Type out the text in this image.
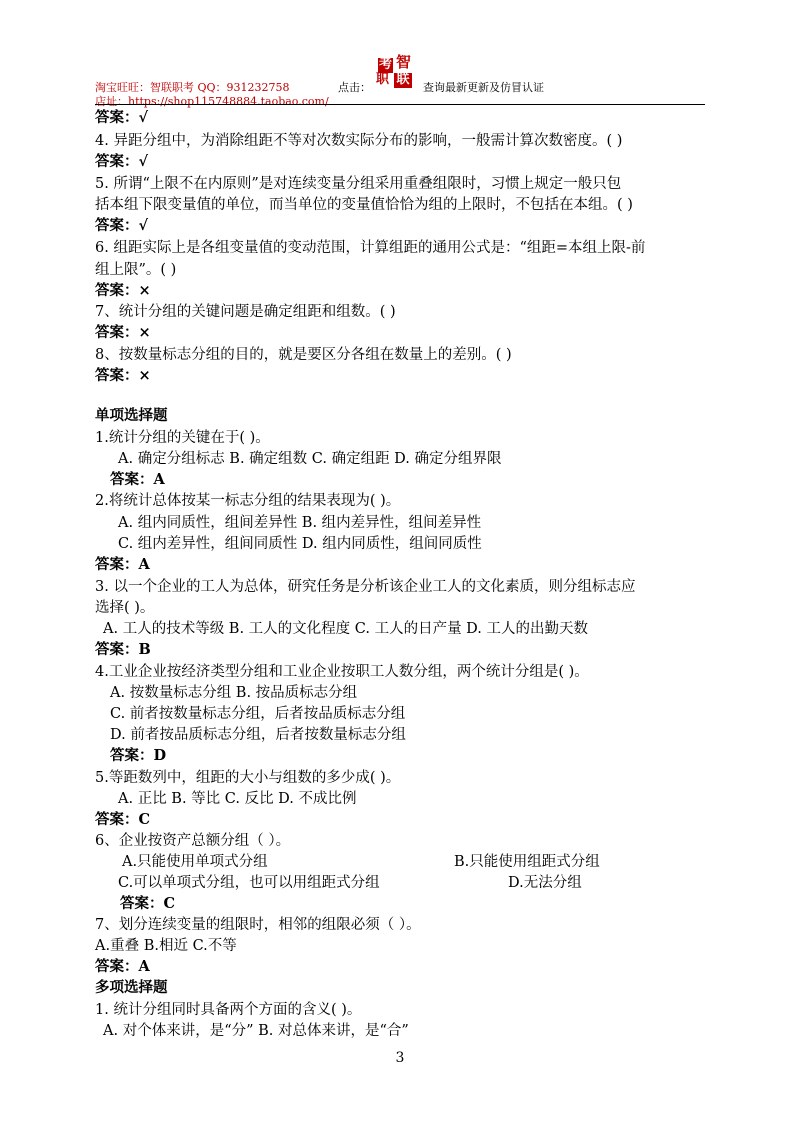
淘宝旺旺：智联职考 QQ：931232758
店址：https://shop115748884.taobao.com/
点击：
考 智
职 联
查询最新更新及仿冒认证
答案：√
4. 异距分组中，为消除组距不等对次数实际分布的影响，一般需计算次数密度。( )
答案：√
5. 所谓“上限不在内原则”是对连续变量分组采用重叠组限时，习惯上规定一般只包
括本组下限变量值的单位，而当单位的变量值恰恰为组的上限时，不包括在本组。( )
答案：√
6. 组距实际上是各组变量值的变动范围，计算组距的通用公式是：“组距=本组上限-前
组上限”。( )
答案：×
7、统计分组的关键问题是确定组距和组数。( )
答案：×
8、按数量标志分组的目的，就是要区分各组在数量上的差别。( )
答案：×
单项选择题
1.统计分组的关键在于( )。
A. 确定分组标志 B. 确定组数 C. 确定组距 D. 确定分组界限
答案：A
2.将统计总体按某一标志分组的结果表现为( )。
A. 组内同质性，组间差异性 B. 组内差异性，组间差异性
C. 组内差异性，组间同质性 D. 组内同质性，组间同质性
答案：A
3. 以一个企业的工人为总体，研究任务是分析该企业工人的文化素质，则分组标志应
选择( )。
A. 工人的技术等级 B. 工人的文化程度 C. 工人的日产量 D. 工人的出勤天数
答案：B
4.工业企业按经济类型分组和工业企业按职工人数分组，两个统计分组是( )。
A. 按数量标志分组 B. 按品质标志分组
C. 前者按数量标志分组，后者按品质标志分组
D. 前者按品质标志分组，后者按数量标志分组
答案：D
5.等距数列中，组距的大小与组数的多少成( )。
A. 正比 B. 等比 C. 反比 D. 不成比例
答案：C
6、企业按资产总额分组（ ）。
A.只能使用单项式分组	B.只能使用组距式分组
C.可以单项式分组，也可以用组距式分组	D.无法分组
答案：C
7、划分连续变量的组限时，相邻的组限必须（ ）。
A.重叠 B.相近 C.不等
答案：A
多项选择题
1. 统计分组同时具备两个方面的含义( )。
A. 对个体来讲，是“分” B. 对总体来讲，是“合”
3
